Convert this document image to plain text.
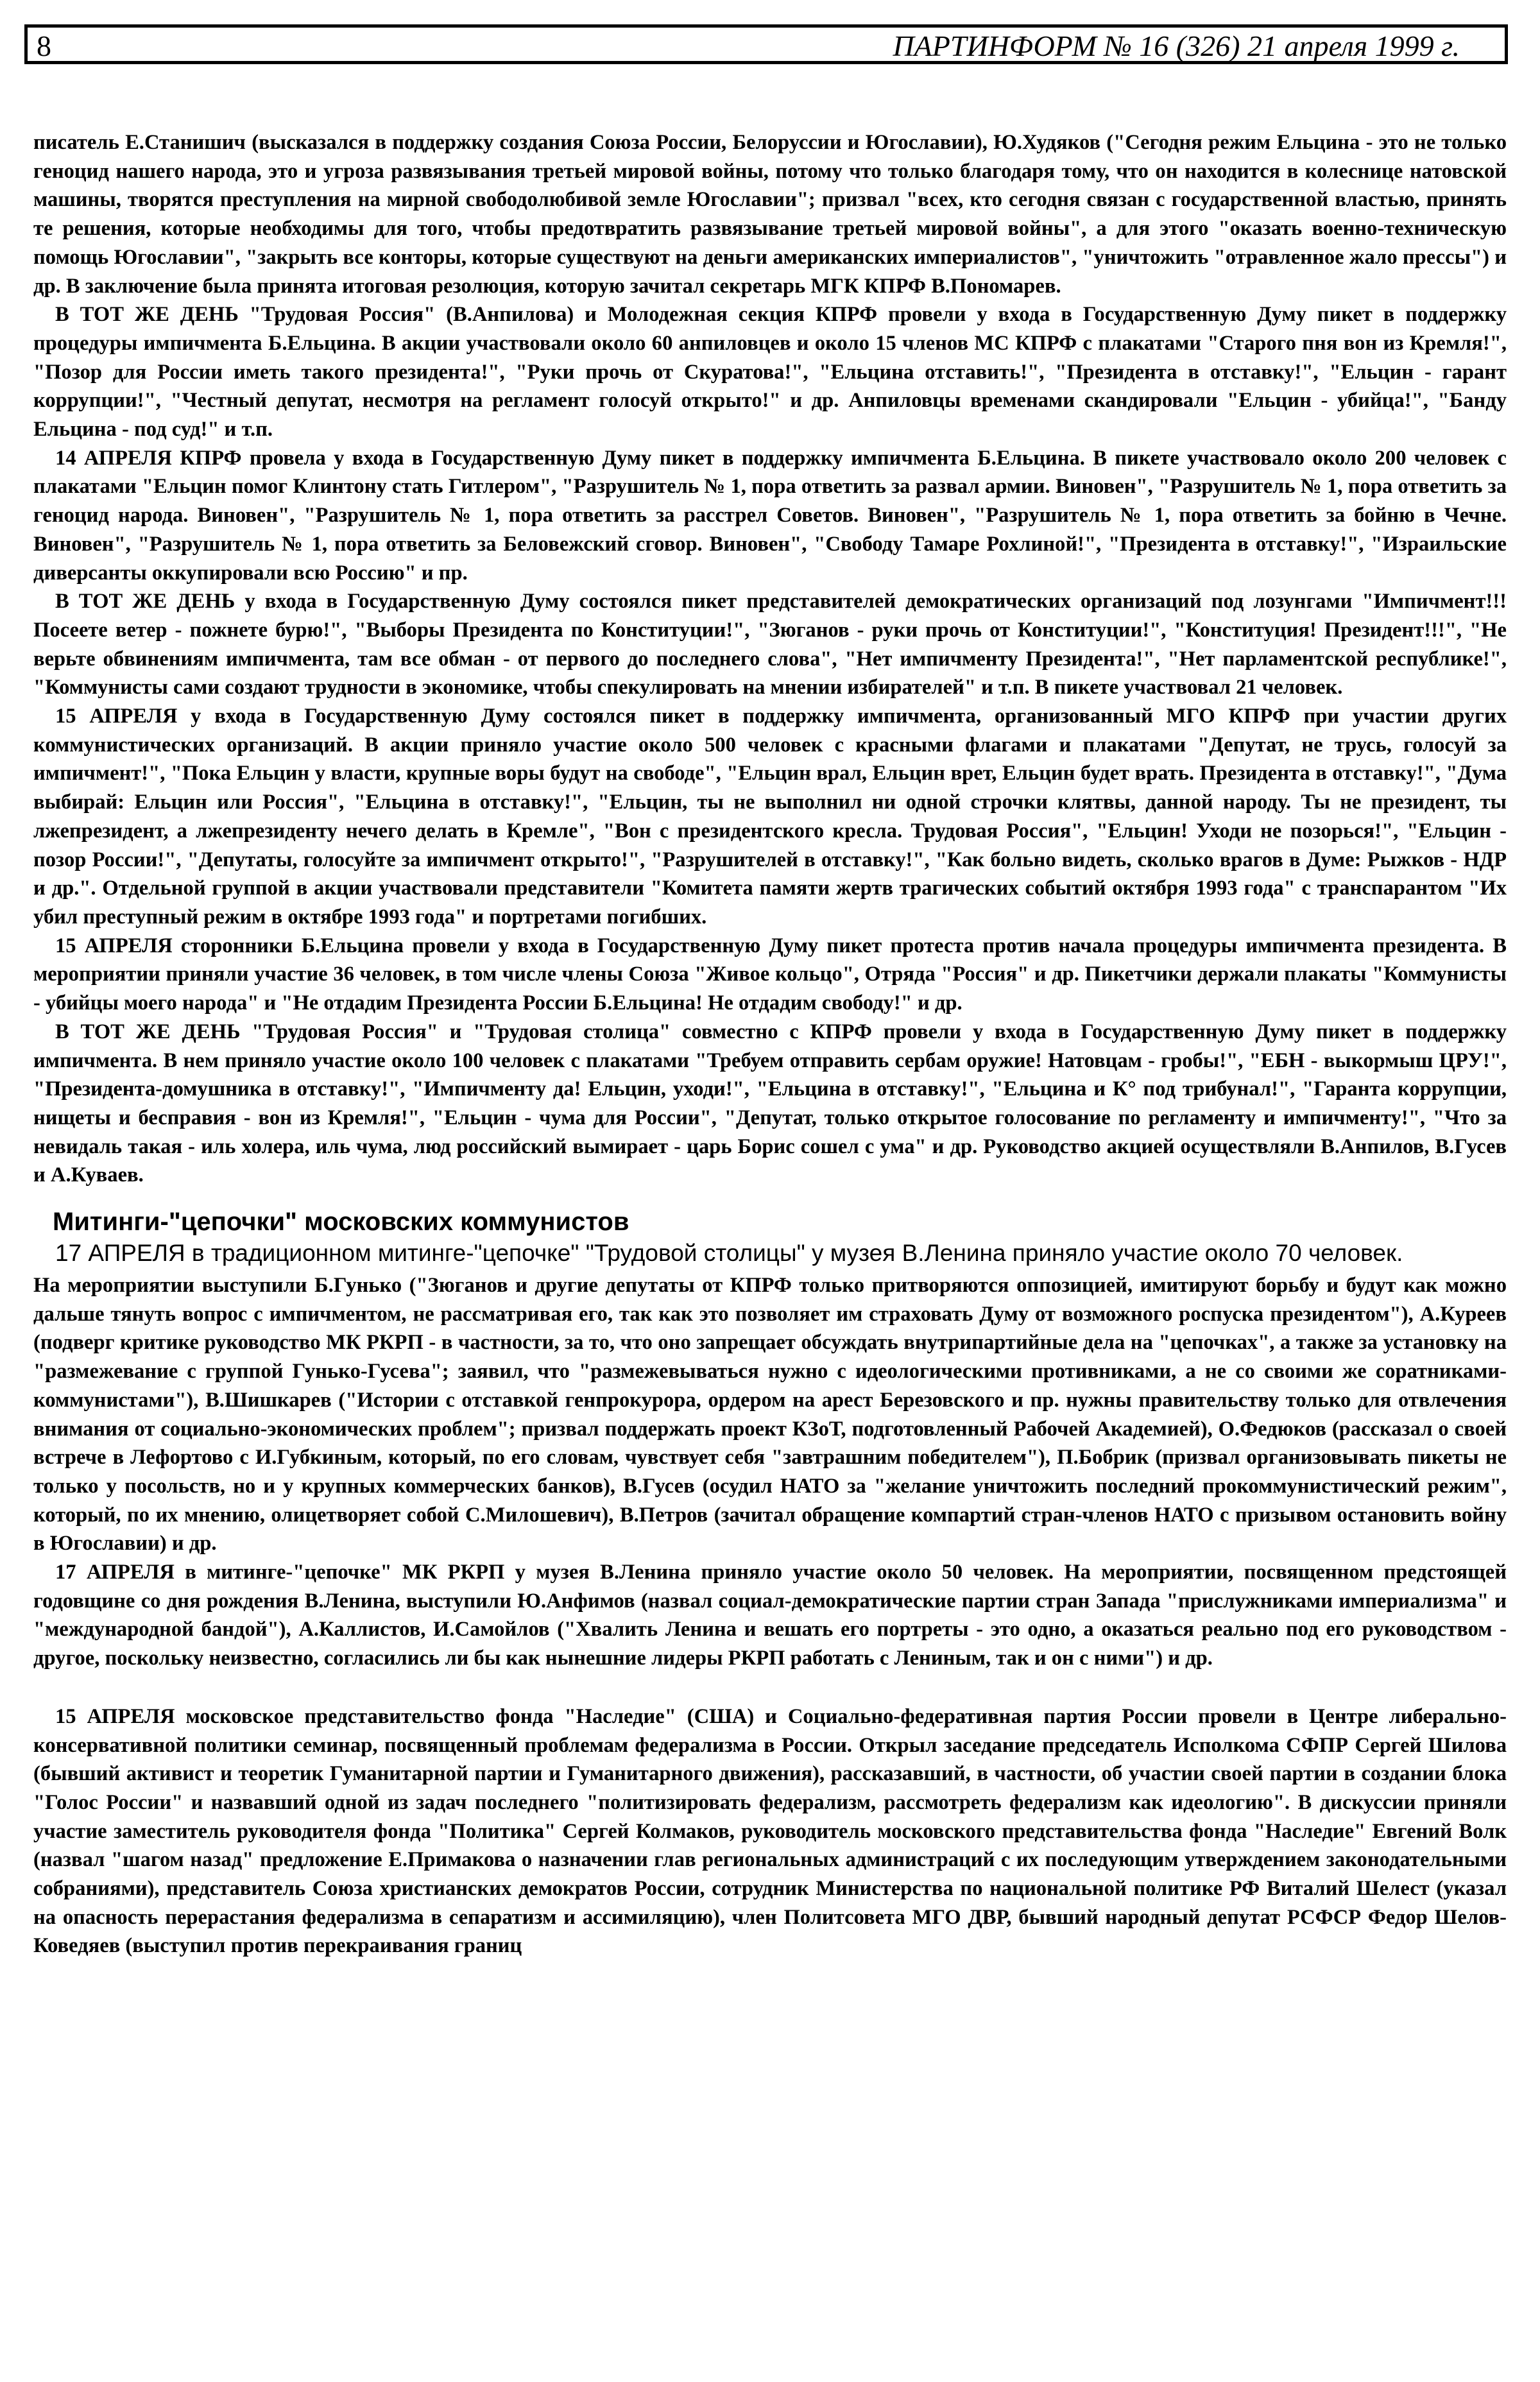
8	ПАРТИНФОРМ № 16 (326) 21 апреля 1999 г.

писатель Е.Станишич (высказался в поддержку создания Союза России, Белоруссии и Югославии), Ю.Худяков ("Сегодня режим Ельцина - это не только геноцид нашего народа, это и угроза развязывания третьей мировой войны, потому что только благодаря тому, что он находится в колеснице натовской машины, творятся преступления на мирной свободолюбивой земле Югославии"; призвал "всех, кто сегодня связан с государственной властью, принять те решения, которые необходимы для того, чтобы предотвратить развязывание третьей мировой войны", а для этого "оказать военно-техническую помощь Югославии", "закрыть все конторы, которые существуют на деньги американских империалистов", "уничтожить "отравленное жало прессы") и др. В заключение была принята итоговая резолюция, которую зачитал секретарь МГК КПРФ В.Пономарев.

В ТОТ ЖЕ ДЕНЬ "Трудовая Россия" (В.Анпилова) и Молодежная секция КПРФ провели у входа в Государственную Думу пикет в поддержку процедуры импичмента Б.Ельцина. В акции участвовали около 60 анпиловцев и около 15 членов МС КПРФ с плакатами "Старого пня вон из Кремля!", "Позор для России иметь такого президента!", "Руки прочь от Скуратова!", "Ельцина отставить!", "Президента в отставку!", "Ельцин - гарант коррупции!", "Честный депутат, несмотря на регламент голосуй открыто!" и др. Анпиловцы временами скандировали "Ельцин - убийца!", "Банду Ельцина - под суд!" и т.п.

14 АПРЕЛЯ КПРФ провела у входа в Государственную Думу пикет в поддержку импичмента Б.Ельцина. В пикете участвовало около 200 человек с плакатами "Ельцин помог Клинтону стать Гитлером", "Разрушитель № 1, пора ответить за развал армии. Виновен", "Разрушитель № 1, пора ответить за геноцид народа. Виновен", "Разрушитель № 1, пора ответить за расстрел Советов. Виновен", "Разрушитель № 1, пора ответить за бойню в Чечне. Виновен", "Разрушитель № 1, пора ответить за Беловежский сговор. Виновен", "Свободу Тамаре Рохлиной!", "Президента в отставку!", "Израильские диверсанты оккупировали всю Россию" и пр.

В ТОТ ЖЕ ДЕНЬ у входа в Государственную Думу состоялся пикет представителей демократических организаций под лозунгами "Импичмент!!! Посеете ветер - пожнете бурю!", "Выборы Президента по Конституции!", "Зюганов - руки прочь от Конституции!", "Конституция! Президент!!!", "Не верьте обвинениям импичмента, там все обман - от первого до последнего слова", "Нет импичменту Президента!", "Нет парламентской республике!", "Коммунисты сами создают трудности в экономике, чтобы спекулировать на мнении избирателей" и т.п. В пикете участвовал 21 человек.

15 АПРЕЛЯ у входа в Государственную Думу состоялся пикет в поддержку импичмента, организованный МГО КПРФ при участии других коммунистических организаций. В акции приняло участие около 500 человек с красными флагами и плакатами "Депутат, не трусь, голосуй за импичмент!", "Пока Ельцин у власти, крупные воры будут на свободе", "Ельцин врал, Ельцин врет, Ельцин будет врать. Президента в отставку!", "Дума выбирай: Ельцин или Россия", "Ельцина в отставку!", "Ельцин, ты не выполнил ни одной строчки клятвы, данной народу. Ты не президент, ты лжепрезидент, а лжепрезиденту нечего делать в Кремле", "Вон с президентского кресла. Трудовая Россия", "Ельцин! Уходи не позорься!", "Ельцин - позор России!", "Депутаты, голосуйте за импичмент открыто!", "Разрушителей в отставку!", "Как больно видеть, сколько врагов в Думе: Рыжков - НДР и др.". Отдельной группой в акции участвовали представители "Комитета памяти жертв трагических событий октября 1993 года" с транспарантом "Их убил преступный режим в октябре 1993 года" и портретами погибших.

15 АПРЕЛЯ сторонники Б.Ельцина провели у входа в Государственную Думу пикет протеста против начала процедуры импичмента президента. В мероприятии приняли участие 36 человек, в том числе члены Союза "Живое кольцо", Отряда "Россия" и др. Пикетчики держали плакаты "Коммунисты - убийцы моего народа" и "Не отдадим Президента России Б.Ельцина! Не отдадим свободу!" и др.

В ТОТ ЖЕ ДЕНЬ "Трудовая Россия" и "Трудовая столица" совместно с КПРФ провели у входа в Государственную Думу пикет в поддержку импичмента. В нем приняло участие около 100 человек с плакатами "Требуем отправить сербам оружие! Натовцам - гробы!", "ЕБН - выкормыш ЦРУ!", "Президента-домушника в отставку!", "Импичменту да! Ельцин, уходи!", "Ельцина в отставку!", "Ельцина и К° под трибунал!", "Гаранта коррупции, нищеты и бесправия - вон из Кремля!", "Ельцин - чума для России", "Депутат, только открытое голосование по регламенту и импичменту!", "Что за невидаль такая - иль холера, иль чума, люд российский вымирает - царь Борис сошел с ума" и др. Руководство акцией осуществляли В.Анпилов, В.Гусев и А.Куваев.

Митинги-"цепочки" московских коммунистов
17 АПРЕЛЯ в традиционном митинге-"цепочке" "Трудовой столицы" у музея В.Ленина приняло участие около 70 человек.

На мероприятии выступили Б.Гунько ("Зюганов и другие депутаты от КПРФ только притворяются оппозицией, имитируют борьбу и будут как можно дальше тянуть вопрос с импичментом, не рассматривая его, так как это позволяет им страховать Думу от возможного роспуска президентом"), А.Куреев (подверг критике руководство МК РКРП - в частности, за то, что оно запрещает обсуждать внутрипартийные дела на "цепочках", а также за установку на "размежевание с группой Гунько-Гусева"; заявил, что "размежевываться нужно с идеологическими противниками, а не со своими же соратниками-коммунистами"), В.Шишкарев ("Истории с отставкой генпрокурора, ордером на арест Березовского и пр. нужны правительству только для отвлечения внимания от социально-экономических проблем"; призвал поддержать проект КЗоТ, подготовленный Рабочей Академией), О.Федюков (рассказал о своей встрече в Лефортово с И.Губкиным, который, по его словам, чувствует себя "завтрашним победителем"), П.Бобрик (призвал организовывать пикеты не только у посольств, но и у крупных коммерческих банков), В.Гусев (осудил НАТО за "желание уничтожить последний прокоммунистический режим", который, по их мнению, олицетворяет собой С.Милошевич), В.Петров (зачитал обращение компартий стран-членов НАТО с призывом остановить войну в Югославии) и др.

17 АПРЕЛЯ в митинге-"цепочке" МК РКРП у музея В.Ленина приняло участие около 50 человек. На мероприятии, посвященном предстоящей годовщине со дня рождения В.Ленина, выступили Ю.Анфимов (назвал социал-демократические партии стран Запада "прислужниками империализма" и "международной бандой"), А.Каллистов, И.Самойлов ("Хвалить Ленина и вешать его портреты - это одно, а оказаться реально под его руководством - другое, поскольку неизвестно, согласились ли бы как нынешние лидеры РКРП работать с Лениным, так и он с ними") и др.

15 АПРЕЛЯ московское представительство фонда "Наследие" (США) и Социально-федеративная партия России провели в Центре либерально-консервативной политики семинар, посвященный проблемам федерализма в России. Открыл заседание председатель Исполкома СФПР Сергей Шилова (бывший активист и теоретик Гуманитарной партии и Гуманитарного движения), рассказавший, в частности, об участии своей партии в создании блока "Голос России" и назвавший одной из задач последнего "политизировать федерализм, рассмотреть федерализм как идеологию". В дискуссии приняли участие заместитель руководителя фонда "Политика" Сергей Колмаков, руководитель московского представительства фонда "Наследие" Евгений Волк (назвал "шагом назад" предложение Е.Примакова о назначении глав региональных администраций с их последующим утверждением законодательными собраниями), представитель Союза христианских демократов России, сотрудник Министерства по национальной политике РФ Виталий Шелест (указал на опасность перерастания федерализма в сепаратизм и ассимиляцию), член Политсовета МГО ДВР, бывший народный депутат РСФСР Федор Шелов-Коведяев (выступил против перекраивания границ
